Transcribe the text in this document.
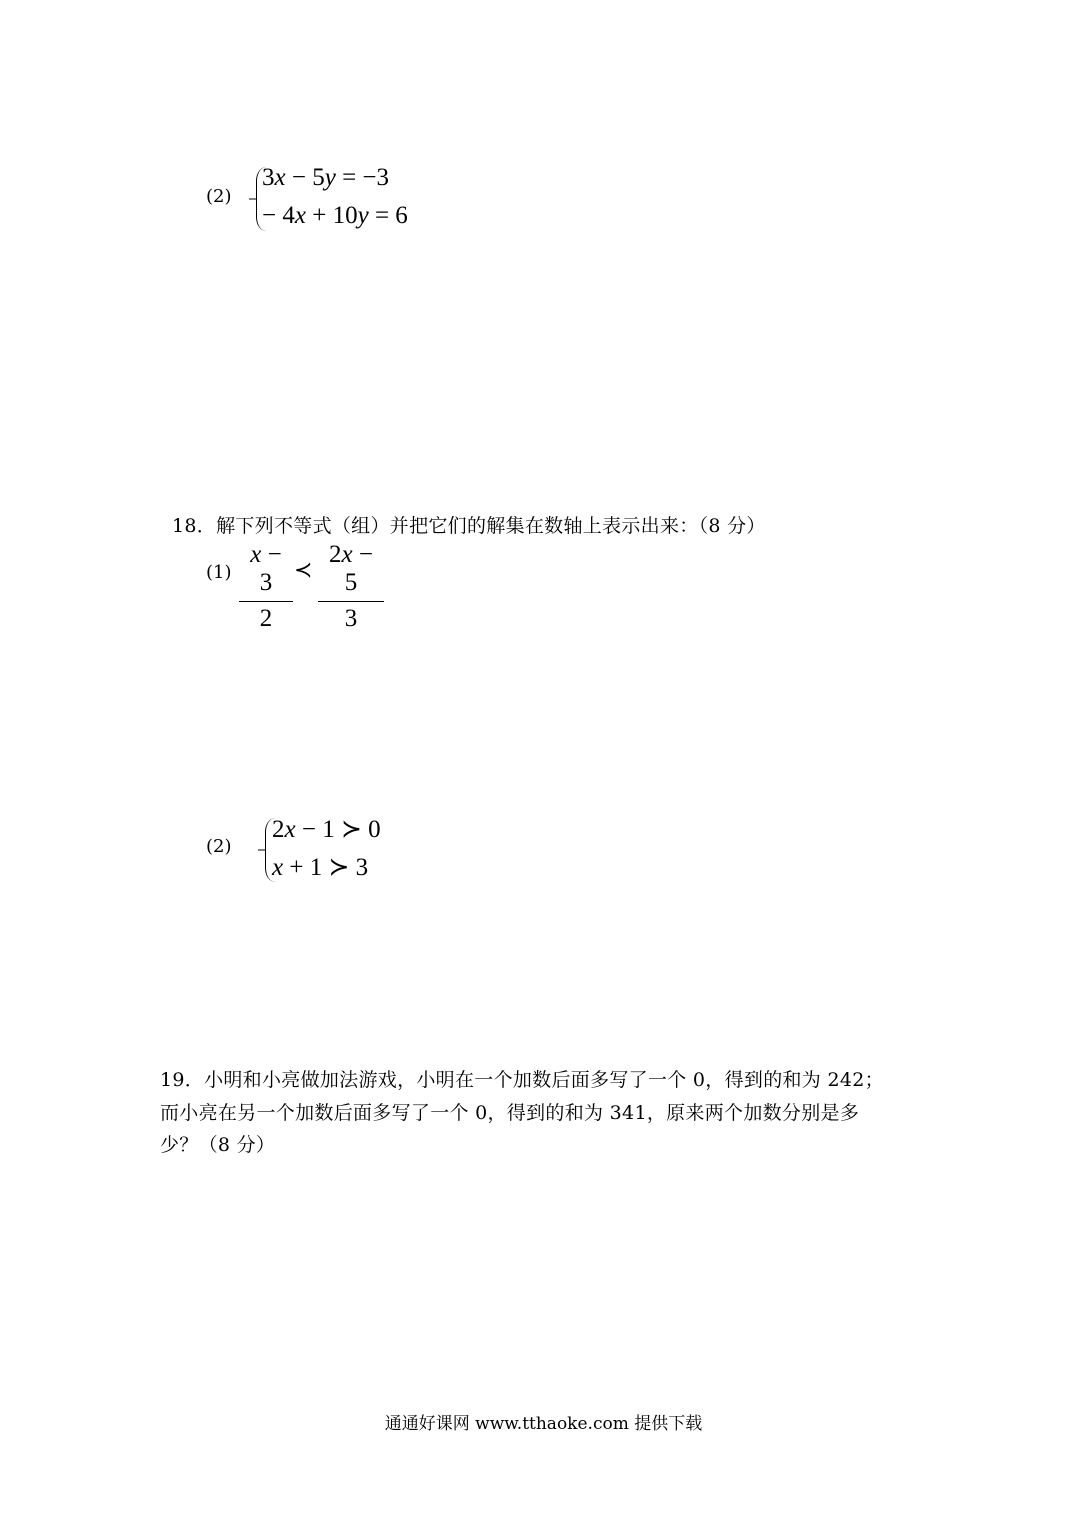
(2)
3x − 5y = −3
− 4x + 10y = 6
18．解下列不等式（组）并把它们的解集在数轴上表示出来：（8 分）
(1)
x − 3
2
≺
2x − 5
3
(2)
2x − 1 ≻ 0
x + 1 ≻ 3
19．小明和小亮做加法游戏，小明在一个加数后面多写了一个 0，得到的和为 242；
而小亮在另一个加数后面多写了一个 0，得到的和为 341，原来两个加数分别是多
少？（8 分）
通通好课网 www.tthaoke.com 提供下载
